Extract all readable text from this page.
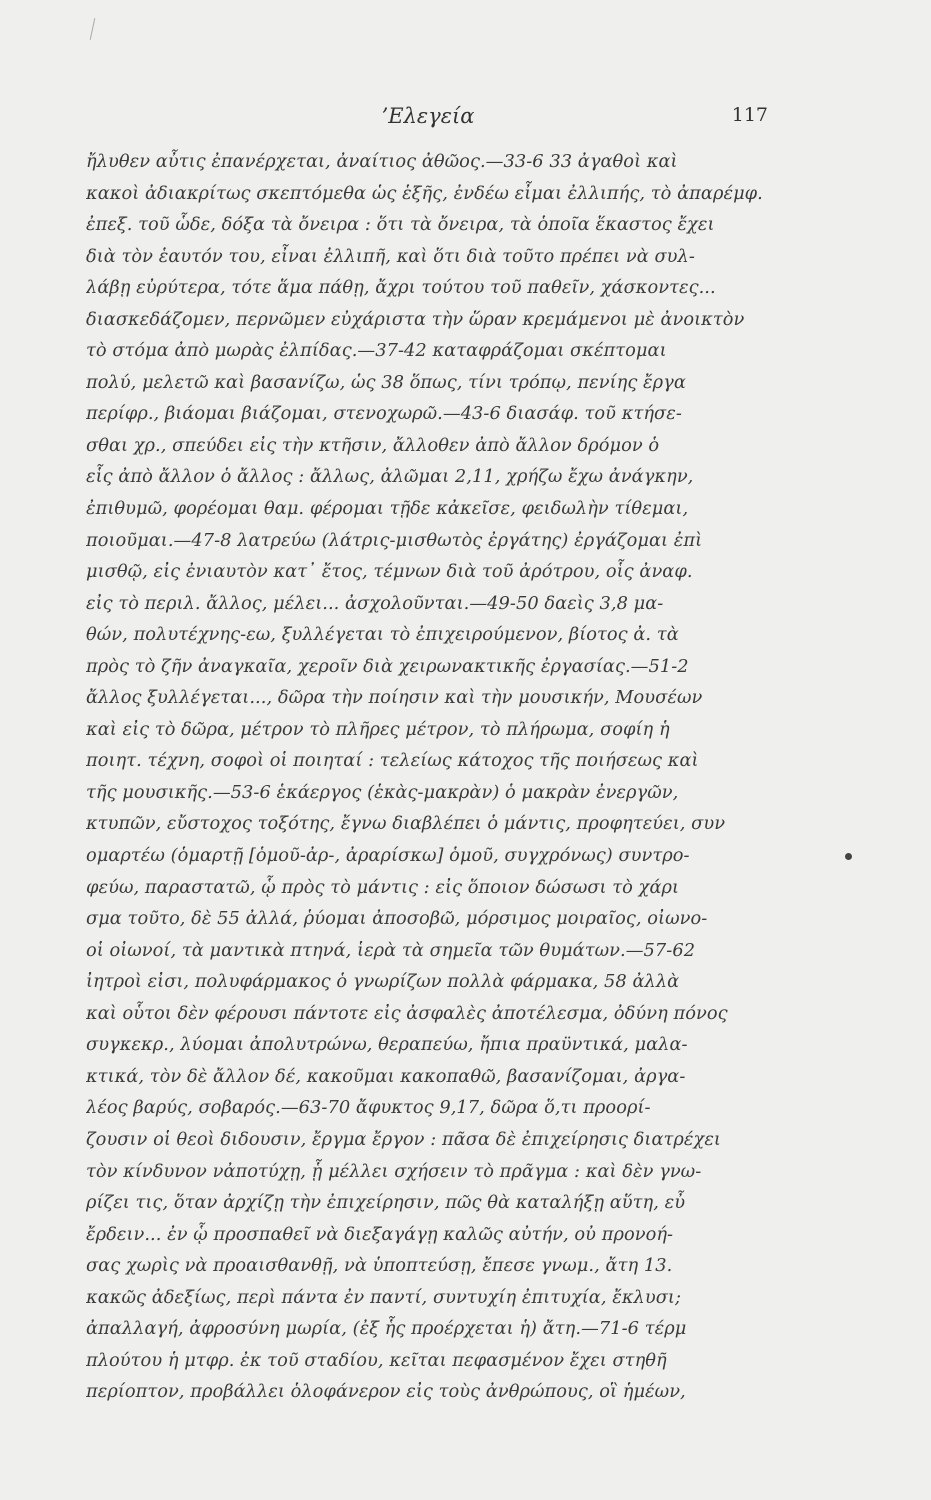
’Ελεγεία	117
ἤλυθεν αὖτις ἐπανέρχεται, ἀναίτιος ἀθῶος.—33-6 33 ἀγαθοὶ καὶ
κακοὶ ἀδιακρίτως σκεπτόμεθα ὡς ἑξῆς, ἐνδέω εἶμαι ἐλλιπής, τὸ ἀπαρέμφ.
ἐπεξ. τοῦ ὧδε, δόξα τὰ ὄνειρα : ὅτι τὰ ὄνειρα, τὰ ὁποῖα ἕκαστος ἔχει
διὰ τὸν ἑαυτόν του, εἶναι ἐλλιπῆ, καὶ ὅτι διὰ τοῦτο πρέπει νὰ συλ-
λάβῃ εὐρύτερα, τότε ἅμα πάθῃ, ἄχρι τούτου τοῦ παθεῖν, χάσκοντες...
διασκεδάζομεν, περνῶμεν εὐχάριστα τὴν ὥραν κρεμάμενοι μὲ ἀνοικτὸν
τὸ στόμα ἀπὸ μωρὰς ἐλπίδας.—37-42 καταφράζομαι σκέπτομαι
πολύ, μελετῶ καὶ βασανίζω, ὡς 38 ὅπως, τίνι τρόπῳ, πενίης ἔργα
περίφρ., βιάομαι βιάζομαι, στενοχωρῶ.—43-6 διασάφ. τοῦ κτήσε-
σθαι χρ., σπεύδει εἰς τὴν κτῆσιν, ἄλλοθεν ἀπὸ ἄλλον δρόμον ὁ
εἷς ἀπὸ ἄλλον ὁ ἄλλος : ἄλλως, ἀλῶμαι 2,11, χρήζω ἔχω ἀνάγκην,
ἐπιθυμῶ, φορέομαι θαμ. φέρομαι τῇδε κἀκεῖσε, φειδωλὴν τίθεμαι,
ποιοῦμαι.—47-8 λατρεύω (λάτρις-μισθωτὸς ἐργάτης) ἐργάζομαι ἐπὶ
μισθῷ, εἰς ἐνιαυτὸν κατ᾽ ἔτος, τέμνων διὰ τοῦ ἀρότρου, οἷς ἀναφ.
εἰς τὸ περιλ. ἄλλος, μέλει... ἀσχολοῦνται.—49-50 δαεὶς 3,8 μα-
θών, πολυτέχνης-εω, ξυλλέγεται τὸ ἐπιχειρούμενον, βίοτος ἀ. τὰ
πρὸς τὸ ζῆν ἀναγκαῖα, χεροῖν διὰ χειρωνακτικῆς ἐργασίας.—51-2
ἄλλος ξυλλέγεται..., δῶρα τὴν ποίησιν καὶ τὴν μουσικήν, Μουσέων
καὶ εἰς τὸ δῶρα, μέτρον τὸ πλῆρες μέτρον, τὸ πλήρωμα, σοφίη ἡ
ποιητ. τέχνη, σοφοὶ οἱ ποιηταί : τελείως κάτοχος τῆς ποιήσεως καὶ
τῆς μουσικῆς.—53-6 ἑκάεργος (ἑκὰς-μακρὰν) ὁ μακρὰν ἐνεργῶν,
κτυπῶν, εὔστοχος τοξότης, ἔγνω διαβλέπει ὁ μάντις, προφητεύει, συν
ομαρτέω (ὁμαρτῇ [ὁμοῦ-ἀρ-, ἀραρίσκω] ὁμοῦ, συγχρόνως) συντρο-
φεύω, παραστατῶ, ᾧ πρὸς τὸ μάντις : εἰς ὅποιον δώσωσι τὸ χάρι
σμα τοῦτο, δὲ 55 ἀλλά, ῥύομαι ἀποσοβῶ, μόρσιμος μοιραῖος, οἰωνο-
οἱ οἰωνοί, τὰ μαντικὰ πτηνά, ἱερὰ τὰ σημεῖα τῶν θυμάτων.—57-62
ἰητροὶ εἰσι, πολυφάρμακος ὁ γνωρίζων πολλὰ φάρμακα, 58 ἀλλὰ
καὶ οὗτοι δὲν φέρουσι πάντοτε εἰς ἀσφαλὲς ἀποτέλεσμα, ὀδύνη πόνος
συγκεκρ., λύομαι ἀπολυτρώνω, θεραπεύω, ἤπια πραϋντικά, μαλα-
κτικά, τὸν δὲ ἄλλον δέ, κακοῦμαι κακοπαθῶ, βασανίζομαι, ἀργα-
λέος βαρύς, σοβαρός.—63-70 ἄφυκτος 9,17, δῶρα ὅ,τι προορί-
ζουσιν οἱ θεοὶ διδουσιν, ἔργμα ἔργον : πᾶσα δὲ ἐπιχείρησις διατρέχει
τὸν κίνδυνον νἀποτύχῃ, ᾗ μέλλει σχήσειν τὸ πρᾶγμα : καὶ δὲν γνω-
ρίζει τις, ὅταν ἀρχίζῃ τὴν ἐπιχείρησιν, πῶς θὰ καταλήξῃ αὕτη, εὖ
ἔρδειν... ἐν ᾧ προσπαθεῖ νὰ διεξαγάγῃ καλῶς αὐτήν, οὐ προνοή-
σας χωρὶς νὰ προαισθανθῇ, νὰ ὑποπτεύσῃ, ἔπεσε γνωμ., ἄτη 13.
κακῶς ἀδεξίως, περὶ πάντα ἐν παντί, συντυχίη ἐπιτυχία, ἔκλυσι;
ἀπαλλαγή, ἀφροσύνη μωρία, (ἐξ ἧς προέρχεται ἡ) ἄτη.—71-6 τέρμ
πλούτου ἡ μτφρ. ἐκ τοῦ σταδίου, κεῖται πεφασμένον ἔχει στηθῆ
περίοπτον, προβάλλει ὁλοφάνερον εἰς τοὺς ἀνθρώπους, οἳ ἡμέων,
